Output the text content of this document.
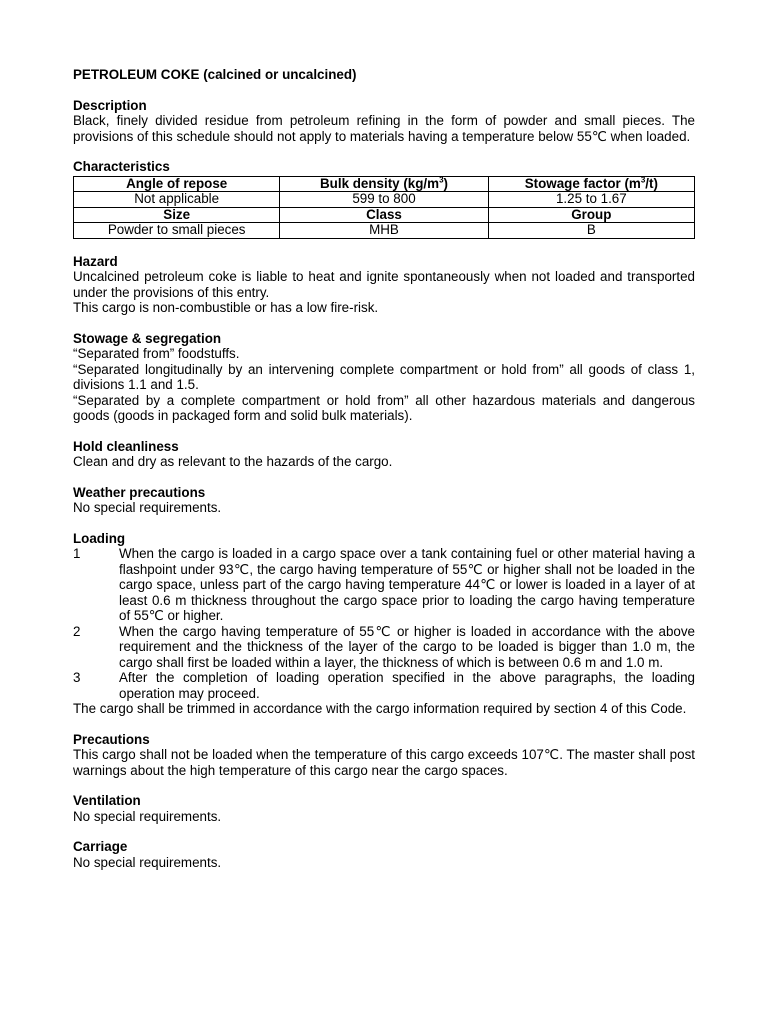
PETROLEUM COKE (calcined or uncalcined)
Description

Black, finely divided residue from petroleum refining in the form of powder and small pieces. The provisions of this schedule should not apply to materials having a temperature below 55℃ when loaded.

Characteristics
Angle of repose	Bulk density $(kg/m^3)$	Stowage factor $(m^3/t)$
Not applicable	599 to 800	1.25 to 1.67
Size	Class	Group
Powder to small pieces	MHB	B
Hazard

Uncalcined petroleum coke is liable to heat and ignite spontaneously when not loaded and transported under the provisions of this entry.

This cargo is non-combustible or has a low fire-risk.

Stowage & segregation

“Separated from” foodstuffs.

“Separated longitudinally by an intervening complete compartment or hold from” all goods of class 1, divisions 1.1 and 1.5.

“Separated by a complete compartment or hold from” all other hazardous materials and dangerous goods (goods in packaged form and solid bulk materials).

Hold cleanliness

Clean and dry as relevant to the hazards of the cargo.

Weather precautions

No special requirements.

Loading
1	When the cargo is loaded in a cargo space over a tank containing fuel or other material having a flashpoint under 93℃, the cargo having temperature of 55℃ or higher shall not be loaded in the cargo space, unless part of the cargo having temperature 44℃ or lower is loaded in a layer of at least 0.6 m thickness throughout the cargo space prior to loading the cargo having temperature of 55℃ or higher.
2	When the cargo having temperature of 55℃ or higher is loaded in accordance with the above requirement and the thickness of the layer of the cargo to be loaded is bigger than 1.0 m, the cargo shall first be loaded within a layer, the thickness of which is between 0.6 m and 1.0 m.
3	After the completion of loading operation specified in the above paragraphs, the loading operation may proceed.

The cargo shall be trimmed in accordance with the cargo information required by section 4 of this Code.

Precautions

This cargo shall not be loaded when the temperature of this cargo exceeds 107℃. The master shall post warnings about the high temperature of this cargo near the cargo spaces.

Ventilation

No special requirements.

Carriage

No special requirements.
